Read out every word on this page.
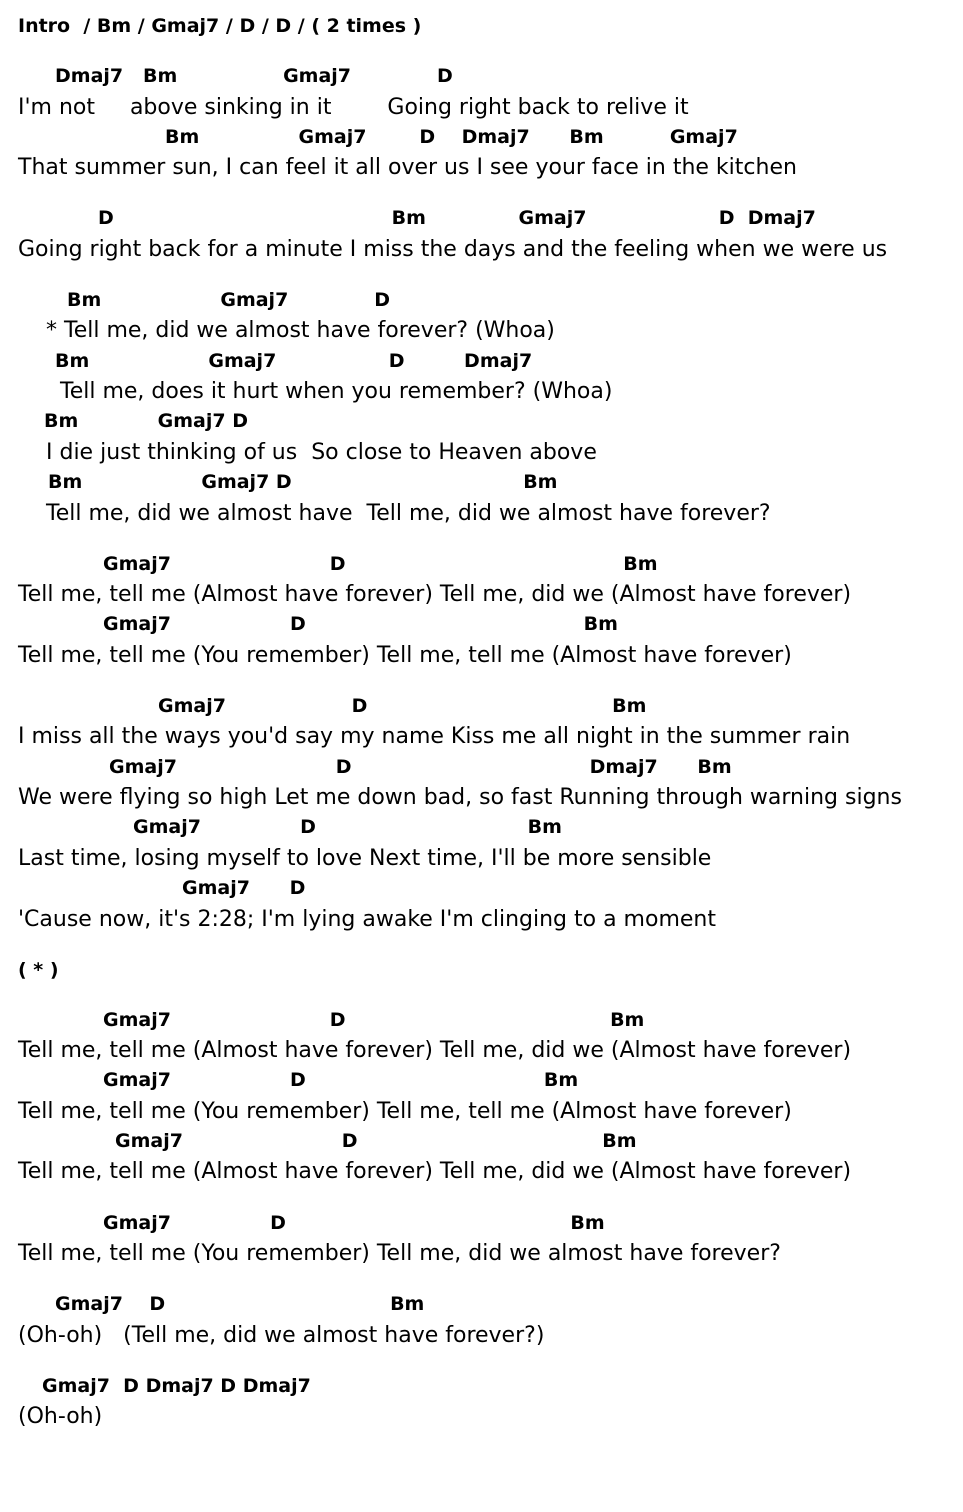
Intro  / Bm / Gmaj7 / D / D / ( 2 times )
Dmaj7   Bm                Gmaj7             D
I'm not     above sinking in it        Going right back to relive it
Bm               Gmaj7        D    Dmaj7      Bm          Gmaj7
That summer sun, I can feel it all over us I see your face in the kitchen
D                                          Bm              Gmaj7                    D  Dmaj7
Going right back for a minute I miss the days and the feeling when we were us
Bm                  Gmaj7             D
* Tell me, did we almost have forever? (Whoa)
Bm                  Gmaj7                 D         Dmaj7
Tell me, does it hurt when you remember? (Whoa)
Bm            Gmaj7 D
I die just thinking of us  So close to Heaven above
Bm                  Gmaj7 D                                   Bm
Tell me, did we almost have  Tell me, did we almost have forever?
Gmaj7                        D                                          Bm
Tell me, tell me (Almost have forever) Tell me, did we (Almost have forever)
Gmaj7                  D                                          Bm
Tell me, tell me (You remember) Tell me, tell me (Almost have forever)
Gmaj7                   D                                     Bm
I miss all the ways you'd say my name Kiss me all night in the summer rain
Gmaj7                        D                                    Dmaj7      Bm
We were flying so high Let me down bad, so fast Running through warning signs
Gmaj7               D                                Bm
Last time, losing myself to love Next time, I'll be more sensible
Gmaj7      D
'Cause now, it's 2:28; I'm lying awake I'm clinging to a moment
( * )
Gmaj7                        D                                        Bm
Tell me, tell me (Almost have forever) Tell me, did we (Almost have forever)
Gmaj7                  D                                    Bm
Tell me, tell me (You remember) Tell me, tell me (Almost have forever)
Gmaj7                        D                                     Bm
Tell me, tell me (Almost have forever) Tell me, did we (Almost have forever)
Gmaj7               D                                           Bm
Tell me, tell me (You remember) Tell me, did we almost have forever?
Gmaj7    D                                  Bm
(Oh-oh)   (Tell me, did we almost have forever?)
Gmaj7  D Dmaj7 D Dmaj7
(Oh-oh)
